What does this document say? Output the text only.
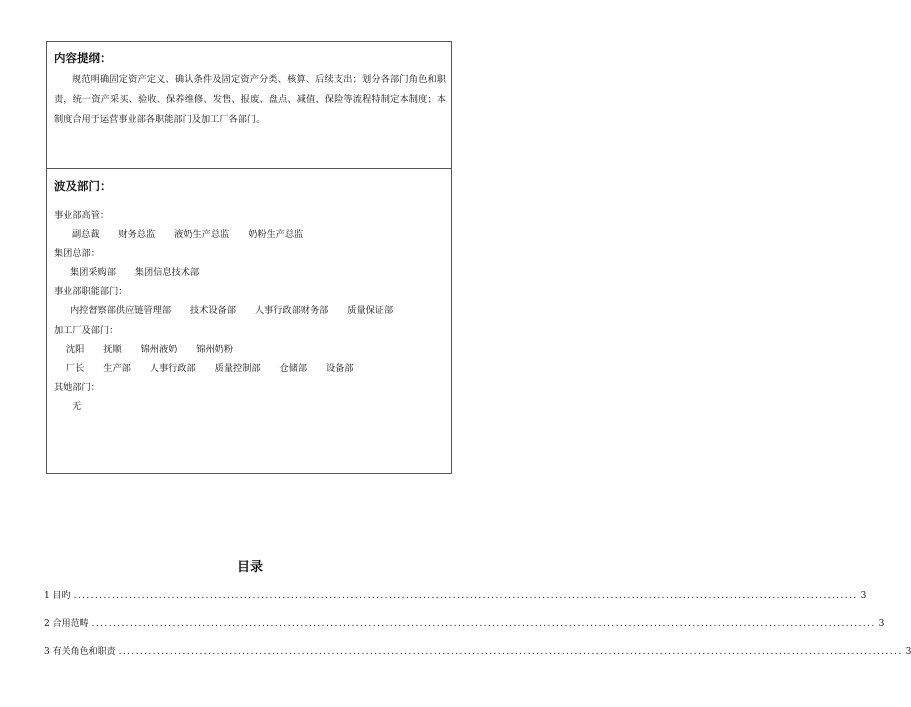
内容提纲：
规范明确固定资产定义、确认条件及固定资产分类、核算、后续支出；划分各部门角色和职责，统一资产采买、验收、保养维修、发售、报废、盘点、减值、保险等流程特制定本制度；本制度合用于运营事业部各职能部门及加工厂各部门。
波及部门：
事业部高管：
副总裁 财务总监 液奶生产总监 奶粉生产总监
集团总部：
集团采购部 集团信息技术部
事业部职能部门：
内控督察部供应链管理部 技术设备部 人事行政部财务部 质量保证部
加工厂及部门：
沈阳 抚顺 锦州液奶 锦州奶粉
厂长 生产部 人事行政部 质量控制部 仓储部 设备部
其她部门：
无
目录
1 目旳 ........................................................................................................................................................................................ 3
2 合用范畴 ........................................................................................................................................................................................ 3
3 有关角色和职责 ........................................................................................................................................................................................ 3
